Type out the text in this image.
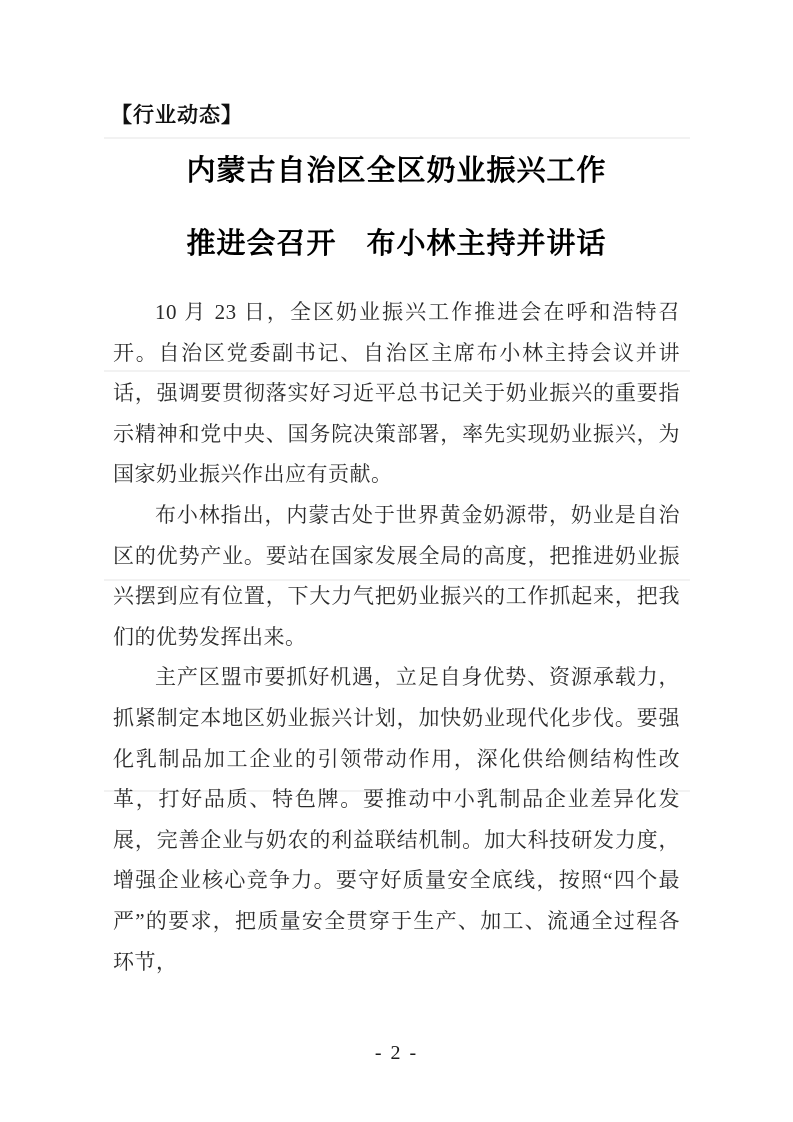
【行业动态】
内蒙古自治区全区奶业振兴工作
推进会召开　布小林主持并讲话

10 月 23 日，全区奶业振兴工作推进会在呼和浩特召开。自治区党委副书记、自治区主席布小林主持会议并讲话，强调要贯彻落实好习近平总书记关于奶业振兴的重要指示精神和党中央、国务院决策部署，率先实现奶业振兴，为国家奶业振兴作出应有贡献。

布小林指出，内蒙古处于世界黄金奶源带，奶业是自治区的优势产业。要站在国家发展全局的高度，把推进奶业振兴摆到应有位置，下大力气把奶业振兴的工作抓起来，把我们的优势发挥出来。

主产区盟市要抓好机遇，立足自身优势、资源承载力，抓紧制定本地区奶业振兴计划，加快奶业现代化步伐。要强化乳制品加工企业的引领带动作用，深化供给侧结构性改革，打好品质、特色牌。要推动中小乳制品企业差异化发展，完善企业与奶农的利益联结机制。加大科技研发力度，增强企业核心竞争力。要守好质量安全底线，按照“四个最严”的要求，把质量安全贯穿于生产、加工、流通全过程各环节，

- 2 -
